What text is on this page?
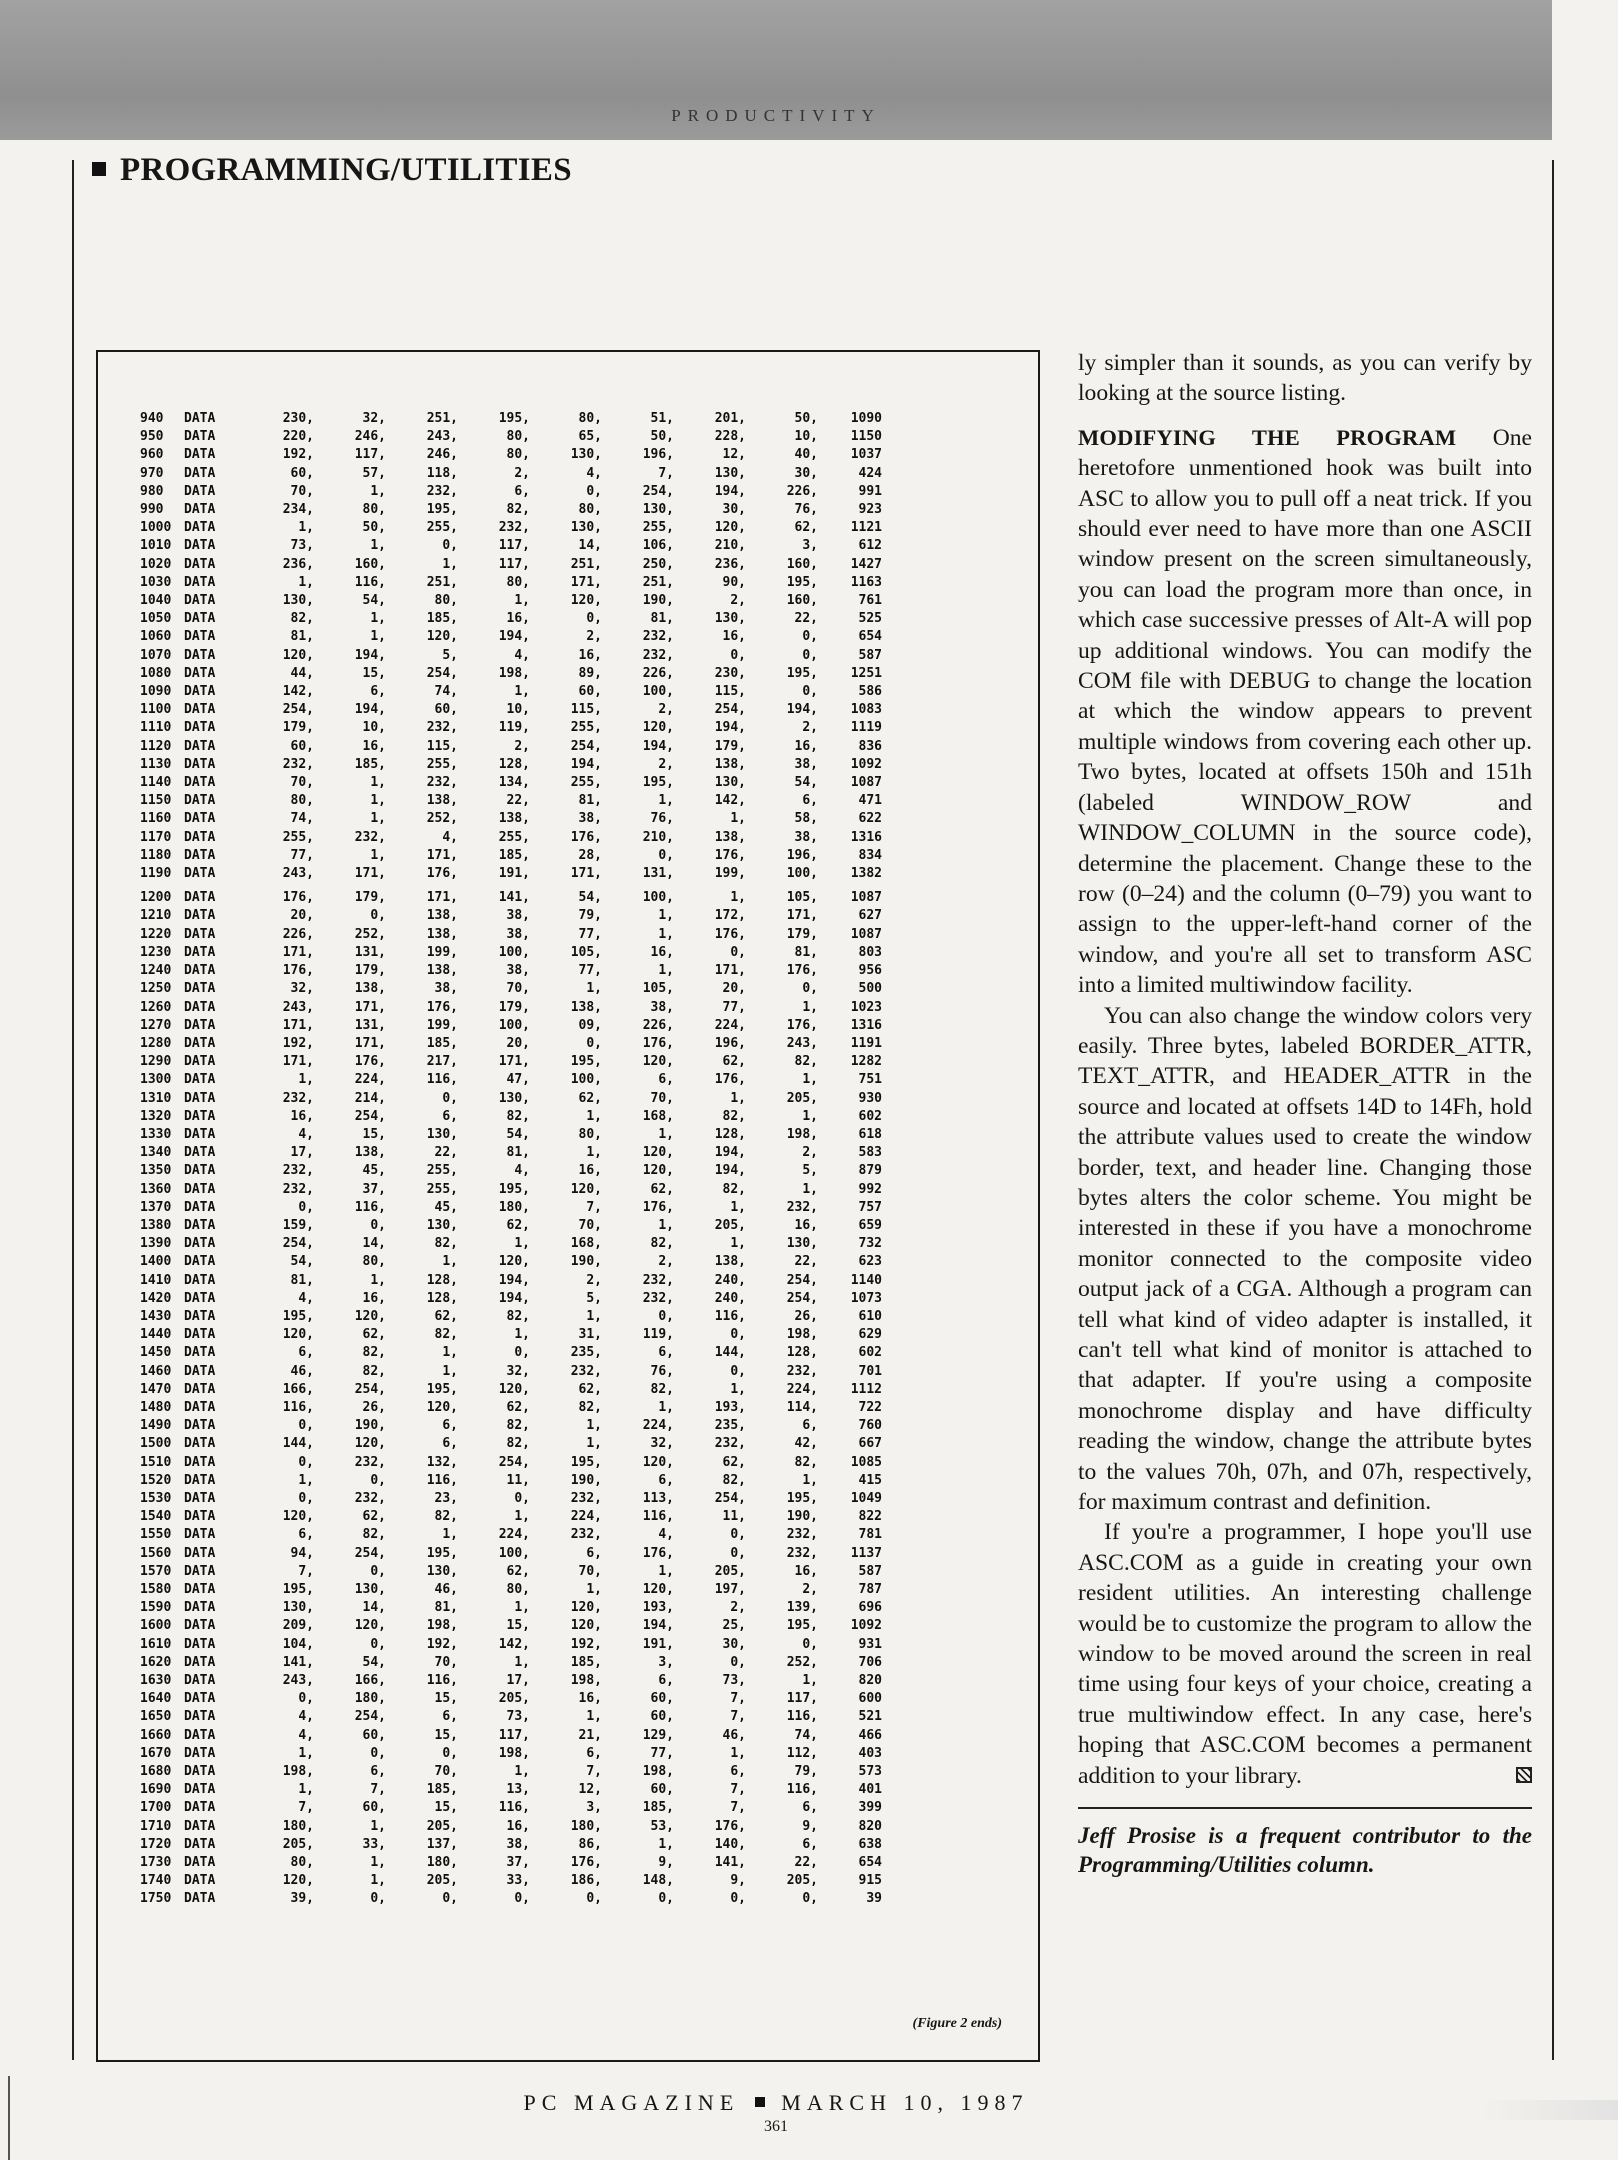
PRODUCTIVITY
PROGRAMMING/UTILITIES
940	DATA	230,	32,	251,	195,	80,	51,	201,	50,	1090
950	DATA	220,	246,	243,	80,	65,	50,	228,	10,	1150
960	DATA	192,	117,	246,	80,	130,	196,	12,	40,	1037
970	DATA	60,	57,	118,	2,	4,	7,	130,	30,	424
980	DATA	70,	1,	232,	6,	0,	254,	194,	226,	991
990	DATA	234,	80,	195,	82,	80,	130,	30,	76,	923
1000	DATA	1,	50,	255,	232,	130,	255,	120,	62,	1121
1010	DATA	73,	1,	0,	117,	14,	106,	210,	3,	612
1020	DATA	236,	160,	1,	117,	251,	250,	236,	160,	1427
1030	DATA	1,	116,	251,	80,	171,	251,	90,	195,	1163
1040	DATA	130,	54,	80,	1,	120,	190,	2,	160,	761
1050	DATA	82,	1,	185,	16,	0,	81,	130,	22,	525
1060	DATA	81,	1,	120,	194,	2,	232,	16,	0,	654
1070	DATA	120,	194,	5,	4,	16,	232,	0,	0,	587
1080	DATA	44,	15,	254,	198,	89,	226,	230,	195,	1251
1090	DATA	142,	6,	74,	1,	60,	100,	115,	0,	586
1100	DATA	254,	194,	60,	10,	115,	2,	254,	194,	1083
1110	DATA	179,	10,	232,	119,	255,	120,	194,	2,	1119
1120	DATA	60,	16,	115,	2,	254,	194,	179,	16,	836
1130	DATA	232,	185,	255,	128,	194,	2,	138,	38,	1092
1140	DATA	70,	1,	232,	134,	255,	195,	130,	54,	1087
1150	DATA	80,	1,	138,	22,	81,	1,	142,	6,	471
1160	DATA	74,	1,	252,	138,	38,	76,	1,	58,	622
1170	DATA	255,	232,	4,	255,	176,	210,	138,	38,	1316
1180	DATA	77,	1,	171,	185,	28,	0,	176,	196,	834
1190	DATA	243,	171,	176,	191,	171,	131,	199,	100,	1382
1200	DATA	176,	179,	171,	141,	54,	100,	1,	105,	1087
1210	DATA	20,	0,	138,	38,	79,	1,	172,	171,	627
1220	DATA	226,	252,	138,	38,	77,	1,	176,	179,	1087
1230	DATA	171,	131,	199,	100,	105,	16,	0,	81,	803
1240	DATA	176,	179,	138,	38,	77,	1,	171,	176,	956
1250	DATA	32,	138,	38,	70,	1,	105,	20,	0,	500
1260	DATA	243,	171,	176,	179,	138,	38,	77,	1,	1023
1270	DATA	171,	131,	199,	100,	09,	226,	224,	176,	1316
1280	DATA	192,	171,	185,	20,	0,	176,	196,	243,	1191
1290	DATA	171,	176,	217,	171,	195,	120,	62,	82,	1282
1300	DATA	1,	224,	116,	47,	100,	6,	176,	1,	751
1310	DATA	232,	214,	0,	130,	62,	70,	1,	205,	930
1320	DATA	16,	254,	6,	82,	1,	168,	82,	1,	602
1330	DATA	4,	15,	130,	54,	80,	1,	128,	198,	618
1340	DATA	17,	138,	22,	81,	1,	120,	194,	2,	583
1350	DATA	232,	45,	255,	4,	16,	120,	194,	5,	879
1360	DATA	232,	37,	255,	195,	120,	62,	82,	1,	992
1370	DATA	0,	116,	45,	180,	7,	176,	1,	232,	757
1380	DATA	159,	0,	130,	62,	70,	1,	205,	16,	659
1390	DATA	254,	14,	82,	1,	168,	82,	1,	130,	732
1400	DATA	54,	80,	1,	120,	190,	2,	138,	22,	623
1410	DATA	81,	1,	128,	194,	2,	232,	240,	254,	1140
1420	DATA	4,	16,	128,	194,	5,	232,	240,	254,	1073
1430	DATA	195,	120,	62,	82,	1,	0,	116,	26,	610
1440	DATA	120,	62,	82,	1,	31,	119,	0,	198,	629
1450	DATA	6,	82,	1,	0,	235,	6,	144,	128,	602
1460	DATA	46,	82,	1,	32,	232,	76,	0,	232,	701
1470	DATA	166,	254,	195,	120,	62,	82,	1,	224,	1112
1480	DATA	116,	26,	120,	62,	82,	1,	193,	114,	722
1490	DATA	0,	190,	6,	82,	1,	224,	235,	6,	760
1500	DATA	144,	120,	6,	82,	1,	32,	232,	42,	667
1510	DATA	0,	232,	132,	254,	195,	120,	62,	82,	1085
1520	DATA	1,	0,	116,	11,	190,	6,	82,	1,	415
1530	DATA	0,	232,	23,	0,	232,	113,	254,	195,	1049
1540	DATA	120,	62,	82,	1,	224,	116,	11,	190,	822
1550	DATA	6,	82,	1,	224,	232,	4,	0,	232,	781
1560	DATA	94,	254,	195,	100,	6,	176,	0,	232,	1137
1570	DATA	7,	0,	130,	62,	70,	1,	205,	16,	587
1580	DATA	195,	130,	46,	80,	1,	120,	197,	2,	787
1590	DATA	130,	14,	81,	1,	120,	193,	2,	139,	696
1600	DATA	209,	120,	198,	15,	120,	194,	25,	195,	1092
1610	DATA	104,	0,	192,	142,	192,	191,	30,	0,	931
1620	DATA	141,	54,	70,	1,	185,	3,	0,	252,	706
1630	DATA	243,	166,	116,	17,	198,	6,	73,	1,	820
1640	DATA	0,	180,	15,	205,	16,	60,	7,	117,	600
1650	DATA	4,	254,	6,	73,	1,	60,	7,	116,	521
1660	DATA	4,	60,	15,	117,	21,	129,	46,	74,	466
1670	DATA	1,	0,	0,	198,	6,	77,	1,	112,	403
1680	DATA	198,	6,	70,	1,	7,	198,	6,	79,	573
1690	DATA	1,	7,	185,	13,	12,	60,	7,	116,	401
1700	DATA	7,	60,	15,	116,	3,	185,	7,	6,	399
1710	DATA	180,	1,	205,	16,	180,	53,	176,	9,	820
1720	DATA	205,	33,	137,	38,	86,	1,	140,	6,	638
1730	DATA	80,	1,	180,	37,	176,	9,	141,	22,	654
1740	DATA	120,	1,	205,	33,	186,	148,	9,	205,	915
1750	DATA	39,	0,	0,	0,	0,	0,	0,	0,	39

(Figure 2 ends)

ly simpler than it sounds, as you can verify by looking at the source listing.

MODIFYING THE PROGRAM One heretofore unmentioned hook was built into ASC to allow you to pull off a neat trick. If you should ever need to have more than one ASCII window present on the screen simultaneously, you can load the program more than once, in which case successive presses of Alt-A will pop up additional windows. You can modify the COM file with DEBUG to change the location at which the window appears to prevent multiple windows from covering each other up. Two bytes, located at offsets 150h and 151h (labeled WINDOW_ROW and WINDOW_COLUMN in the source code), determine the placement. Change these to the row (0–24) and the column (0–79) you want to assign to the upper-left-hand corner of the window, and you're all set to transform ASC into a limited multiwindow facility.

You can also change the window colors very easily. Three bytes, labeled BORDER_ATTR, TEXT_ATTR, and HEADER_ATTR in the source and located at offsets 14D to 14Fh, hold the attribute values used to create the window border, text, and header line. Changing those bytes alters the color scheme. You might be interested in these if you have a monochrome monitor connected to the composite video output jack of a CGA. Although a program can tell what kind of video adapter is installed, it can't tell what kind of monitor is attached to that adapter. If you're using a composite monochrome display and have difficulty reading the window, change the attribute bytes to the values 70h, 07h, and 07h, respectively, for maximum contrast and definition.

If you're a programmer, I hope you'll use ASC.COM as a guide in creating your own resident utilities. An interesting challenge would be to customize the program to allow the window to be moved around the screen in real time using four keys of your choice, creating a true multiwindow effect. In any case, here's hoping that ASC.COM becomes a permanent addition to your library.

Jeff Prosise is a frequent contributor to the Programming/Utilities column.

PC MAGAZINE MARCH 10, 1987

361
